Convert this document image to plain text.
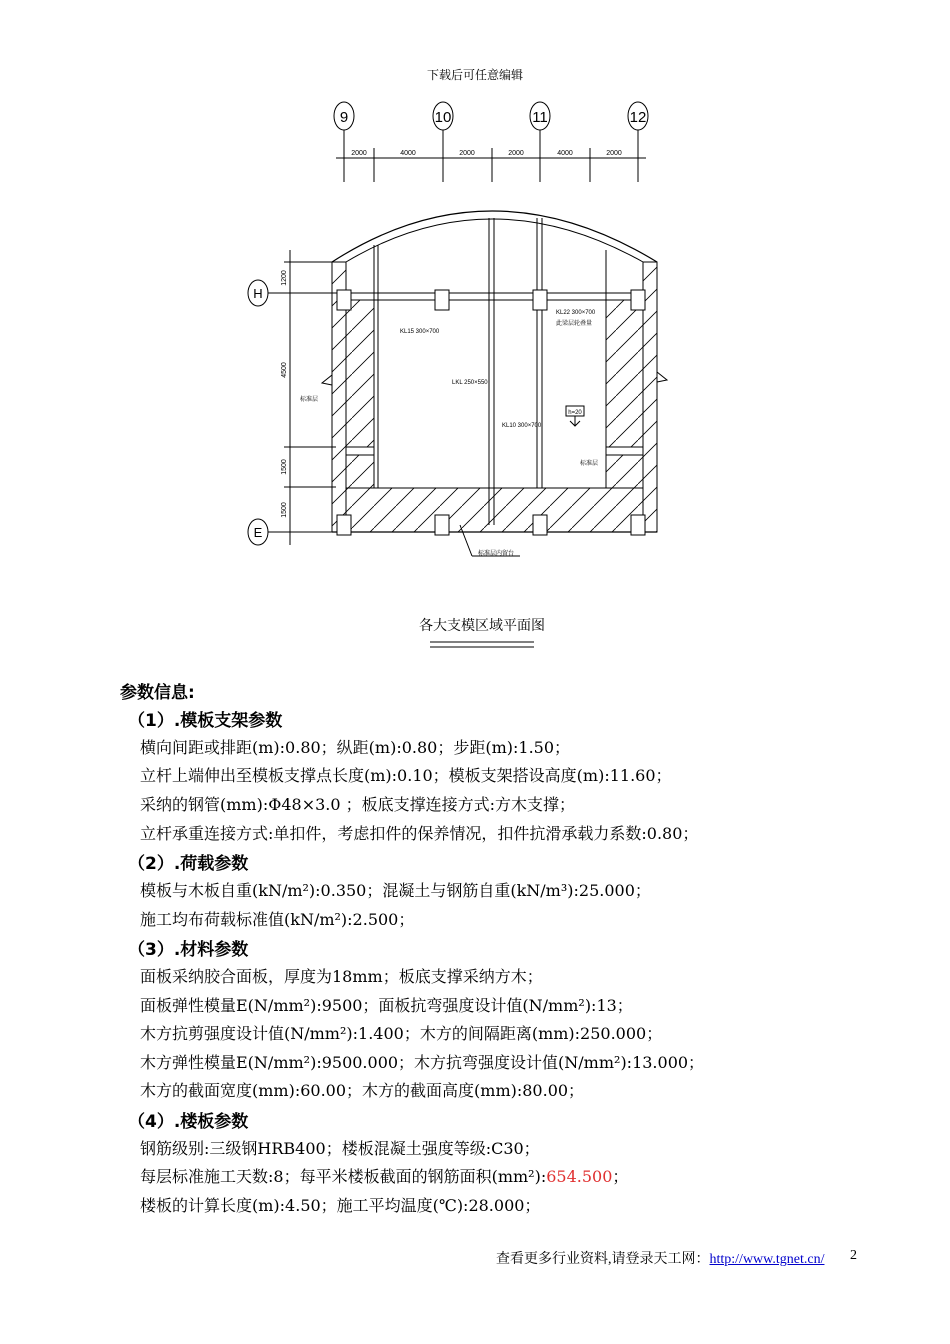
下载后可任意编辑
9	10	11	12
2000	4000	2000	2000	4000	2000
H
E
1200
4500
1500
1500
h=20
KL15 300×700
KL22 300×700
此梁层轮叠量
LKL 250×550
KL10 300×700
标准层
标准层
标准层内留台
各大支模区域平面图
参数信息:
（1）.模板支架参数
横向间距或排距(m):0.80；纵距(m):0.80；步距(m):1.50；
立杆上端伸出至模板支撑点长度(m):0.10；模板支架搭设高度(m):11.60；
采纳的钢管(mm):Φ48×3.0 ；板底支撑连接方式:方木支撑；
立杆承重连接方式:单扣件，考虑扣件的保养情况，扣件抗滑承载力系数:0.80；
（2）.荷载参数
模板与木板自重(kN/m²):0.350；混凝土与钢筋自重(kN/m³):25.000；
施工均布荷载标准值(kN/m²):2.500；
（3）.材料参数
面板采纳胶合面板，厚度为18mm；板底支撑采纳方木；
面板弹性模量E(N/mm²):9500；面板抗弯强度设计值(N/mm²):13；
木方抗剪强度设计值(N/mm²):1.400；木方的间隔距离(mm):250.000；
木方弹性模量E(N/mm²):9500.000；木方抗弯强度设计值(N/mm²):13.000；
木方的截面宽度(mm):60.00；木方的截面高度(mm):80.00；
（4）.楼板参数
钢筋级别:三级钢HRB400；楼板混凝土强度等级:C30；
每层标准施工天数:8；每平米楼板截面的钢筋面积(mm²):654.500；
楼板的计算长度(m):4.50；施工平均温度(℃):28.000；
查看更多行业资料,请登录天工网：http://www.tgnet.cn/ 2
